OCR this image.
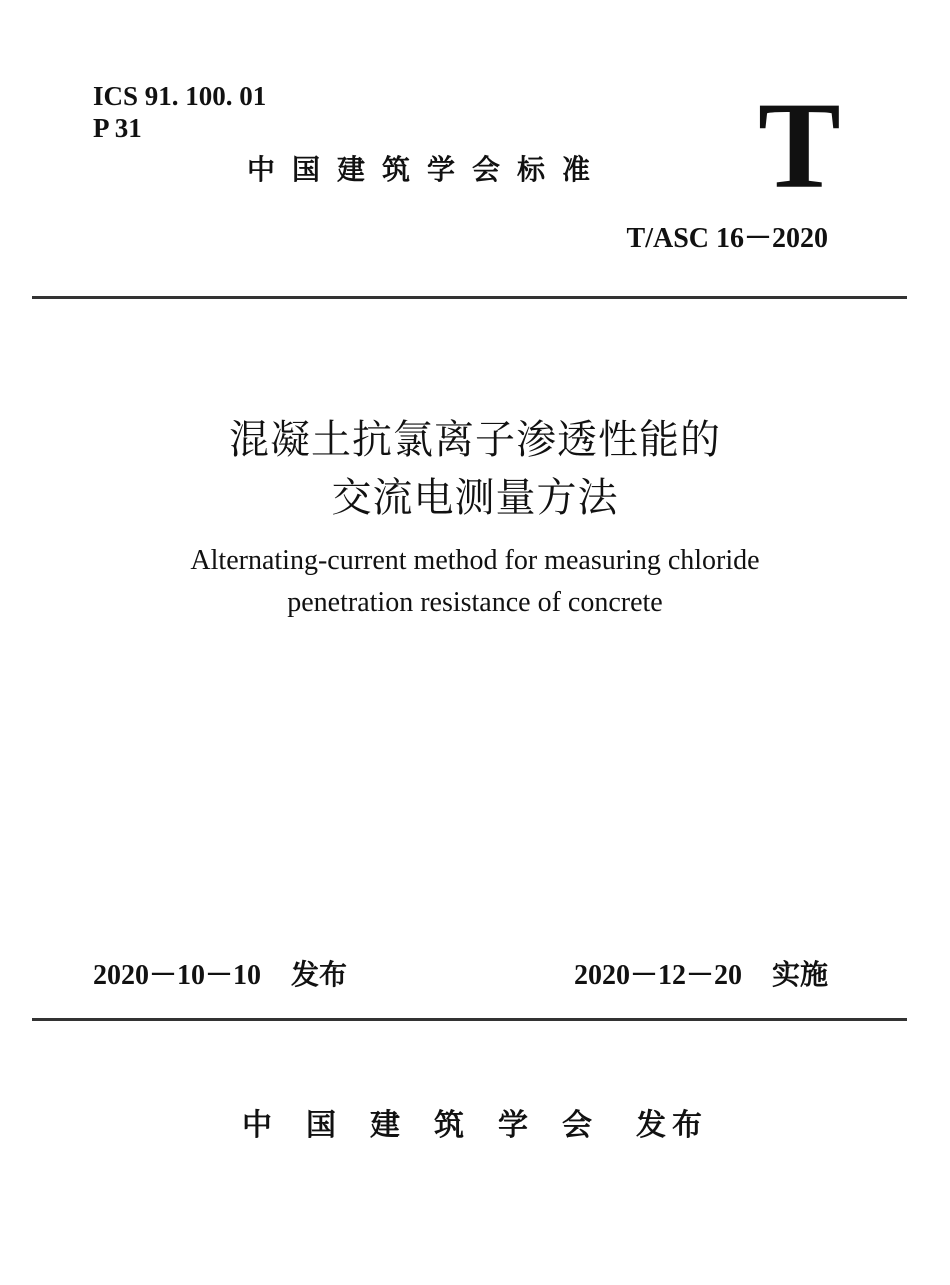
ICS 91. 100. 01
P 31
中国建筑学会标准 T
T/ASC 16－2020
混凝土抗氯离子渗透性能的
交流电测量方法
Alternating-current method for measuring chloride
penetration resistance of concrete
2020－10－10 发布	2020－12－20 实施
中国建筑学会 发布
